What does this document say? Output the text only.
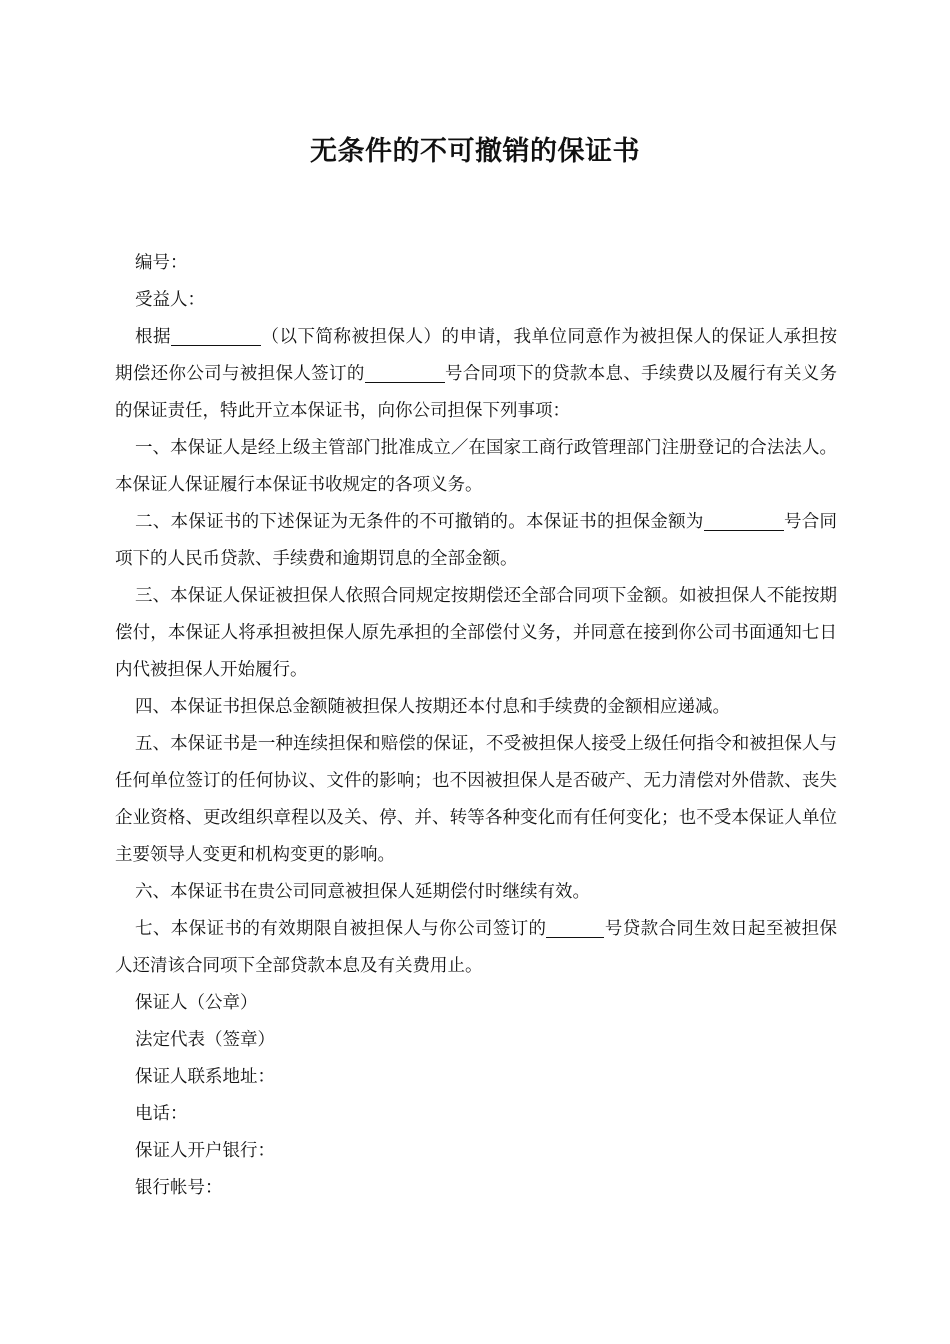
无条件的不可撤销的保证书

编号：

受益人：

根据	（以下简称被担保人）的申请，我单位同意作为被担保人的保证人承担按期偿还你公司与被担保人签订的	号合同项下的贷款本息、手续费以及履行有关义务的保证责任，特此开立本保证书，向你公司担保下列事项：

一、本保证人是经上级主管部门批准成立／在国家工商行政管理部门注册登记的合法法人。本保证人保证履行本保证书收规定的各项义务。

二、本保证书的下述保证为无条件的不可撤销的。本保证书的担保金额为	号合同项下的人民币贷款、手续费和逾期罚息的全部金额。

三、本保证人保证被担保人依照合同规定按期偿还全部合同项下金额。如被担保人不能按期偿付，本保证人将承担被担保人原先承担的全部偿付义务，并同意在接到你公司书面通知七日内代被担保人开始履行。

四、本保证书担保总金额随被担保人按期还本付息和手续费的金额相应递减。

五、本保证书是一种连续担保和赔偿的保证，不受被担保人接受上级任何指令和被担保人与任何单位签订的任何协议、文件的影响；也不因被担保人是否破产、无力清偿对外借款、丧失企业资格、更改组织章程以及关、停、并、转等各种变化而有任何变化；也不受本保证人单位主要领导人变更和机构变更的影响。

六、本保证书在贵公司同意被担保人延期偿付时继续有效。

七、本保证书的有效期限自被担保人与你公司签订的	号贷款合同生效日起至被担保人还清该合同项下全部贷款本息及有关费用止。

保证人（公章）

法定代表（签章）

保证人联系地址：

电话：

保证人开户银行：

银行帐号：
